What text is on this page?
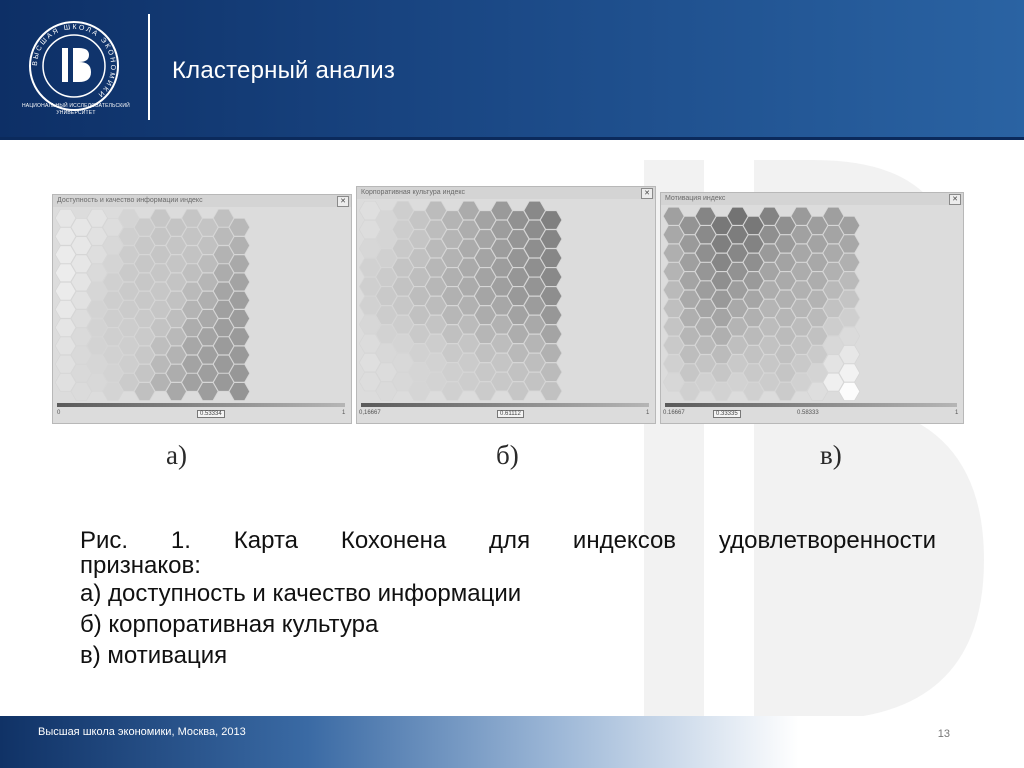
ВЫСШАЯ ШКОЛА ЭКОНОМИКИ
НАЦИОНАЛЬНЫЙ ИССЛЕДОВАТЕЛЬСКИЙ УНИВЕРСИТЕТ
Кластерный анализ
Доступность и качество информации индекс	✕
0	0.53334	1
Корпоративная культура индекс	✕
0,16667	0.61112	1
Мотивация индекс	✕
0.16667	0.33335	0.58333	1
а)	б)	в)
Рис. 1. Карта Кохонена для индексов удовлетворенности
признаков:
а) доступность и качество информации
б) корпоративная культура
в) мотивация
Высшая школа экономики, Москва, 2013	13
